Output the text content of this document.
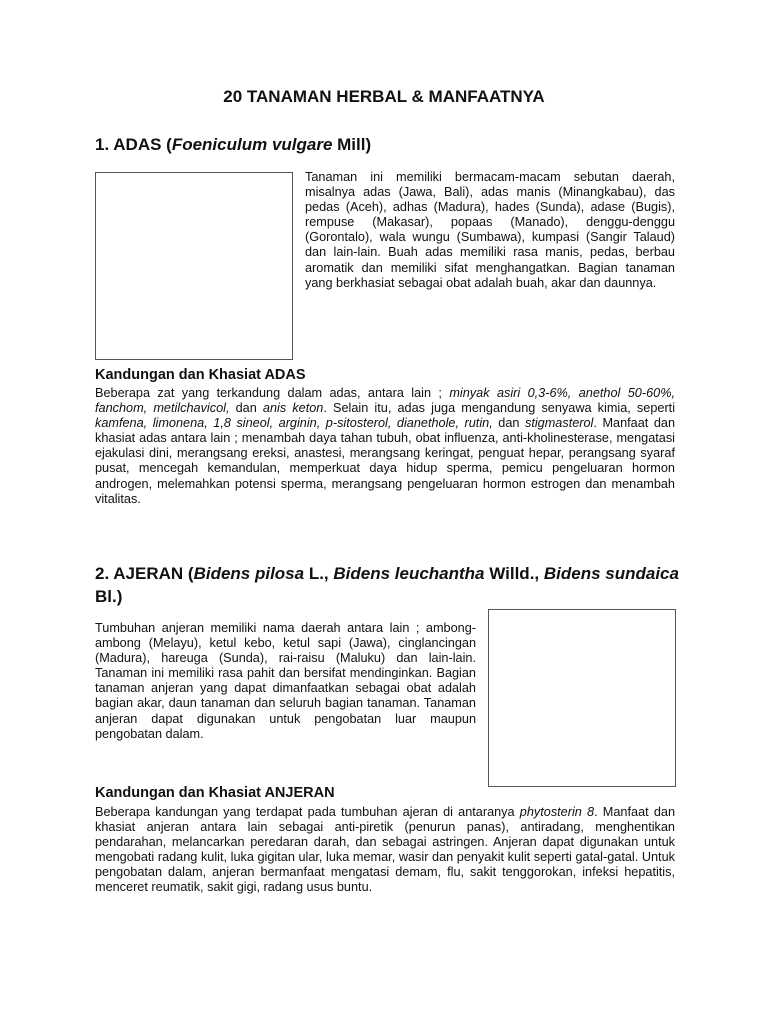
20 TANAMAN HERBAL & MANFAATNYA
1. ADAS (Foeniculum vulgare Mill)

Tanaman ini memiliki bermacam-macam sebutan daerah, misalnya adas (Jawa, Bali), adas manis (Minangkabau), das pedas (Aceh), adhas (Madura), hades (Sunda), adase (Bugis), rempuse (Makasar), popaas (Manado), denggu-denggu (Gorontalo), wala wungu (Sumbawa), kumpasi (Sangir Talaud) dan lain-lain. Buah adas memiliki rasa manis, pedas, berbau aromatik dan memiliki sifat menghangatkan. Bagian tanaman yang berkhasiat sebagai obat adalah buah, akar dan daunnya.

Kandungan dan Khasiat ADAS

Beberapa zat yang terkandung dalam adas, antara lain ; minyak asiri 0,3-6%, anethol 50-60%, fanchom, metilchavicol, dan anis keton. Selain itu, adas juga mengandung senyawa kimia, seperti kamfena, limonena, 1,8 sineol, arginin, p-sitosterol, dianethole, rutin, dan stigmasterol. Manfaat dan khasiat adas antara lain ; menambah daya tahan tubuh, obat influenza, anti-kholinesterase, mengatasi ejakulasi dini, merangsang ereksi, anastesi, merangsang keringat, penguat hepar, perangsang syaraf pusat, mencegah kemandulan, memperkuat daya hidup sperma, pemicu pengeluaran hormon androgen, melemahkan potensi sperma, merangsang pengeluaran hormon estrogen dan menambah vitalitas.

2. AJERAN (Bidens pilosa L., Bidens leuchantha Willd., Bidens sundaica Bl.)

Tumbuhan anjeran memiliki nama daerah antara lain ; ambong-ambong (Melayu), ketul kebo, ketul sapi (Jawa), cinglancingan (Madura), hareuga (Sunda), rai-raisu (Maluku) dan lain-lain. Tanaman ini memiliki rasa pahit dan bersifat mendinginkan. Bagian tanaman anjeran yang dapat dimanfaatkan sebagai obat adalah bagian akar, daun tanaman dan seluruh bagian tanaman. Tanaman anjeran dapat digunakan untuk pengobatan luar maupun pengobatan dalam.

Kandungan dan Khasiat ANJERAN

Beberapa kandungan yang terdapat pada tumbuhan ajeran di antaranya phytosterin 8. Manfaat dan khasiat anjeran antara lain sebagai anti-piretik (penurun panas), antiradang, menghentikan pendarahan, melancarkan peredaran darah, dan sebagai astringen. Anjeran dapat digunakan untuk mengobati radang kulit, luka gigitan ular, luka memar, wasir dan penyakit kulit seperti gatal-gatal. Untuk pengobatan dalam, anjeran bermanfaat mengatasi demam, flu, sakit tenggorokan, infeksi hepatitis, menceret reumatik, sakit gigi, radang usus buntu.
